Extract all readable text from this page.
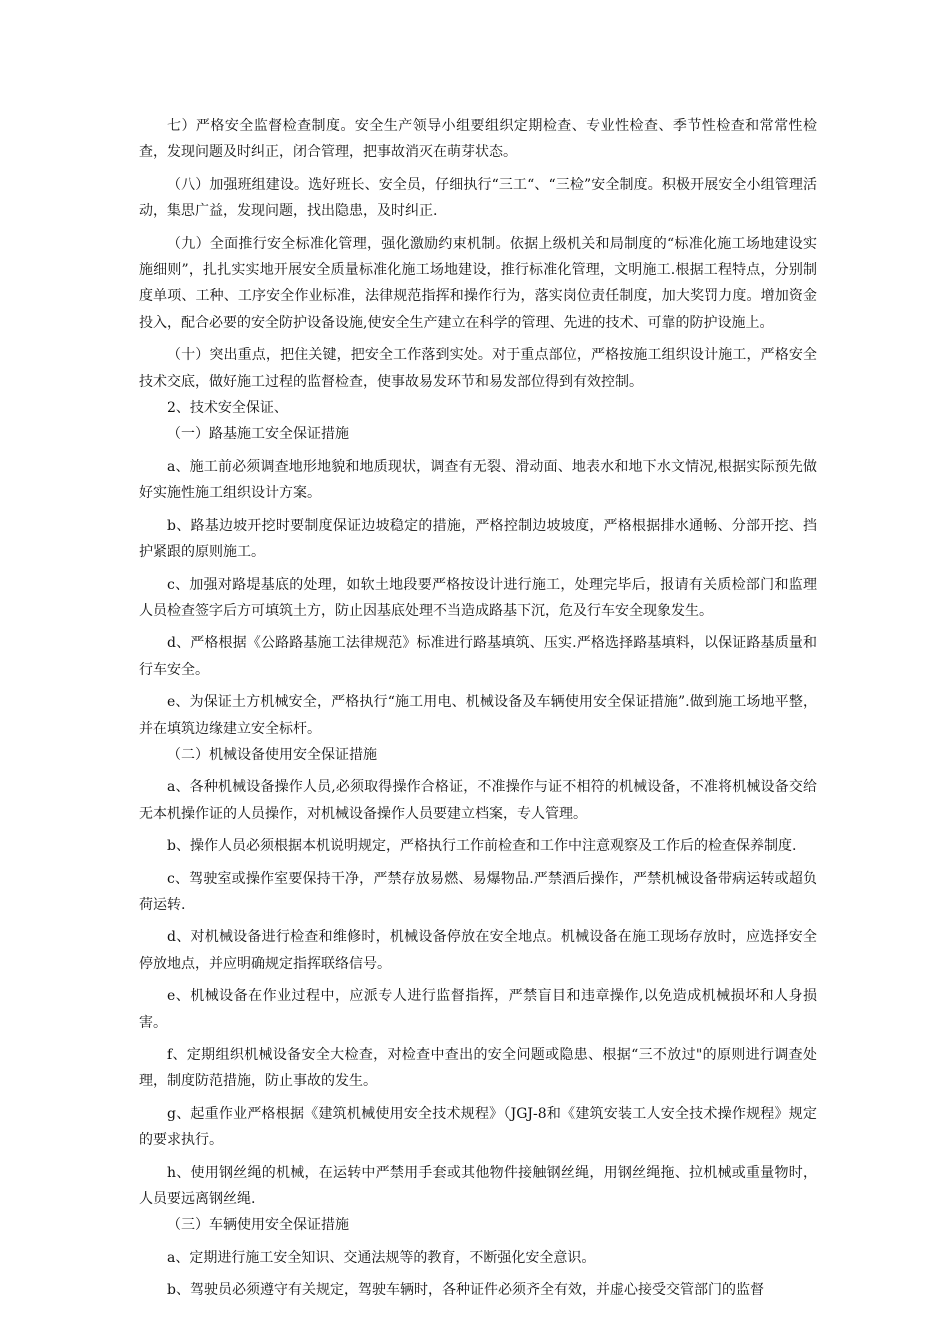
七）严格安全监督检查制度。安全生产领导小组要组织定期检查、专业性检查、季节性检查和常常性检查，发现问题及时纠正，闭合管理，把事故消灭在萌芽状态。

（八）加强班组建设。选好班长、安全员，仔细执行“三工“、“三检”安全制度。积极开展安全小组管理活动，集思广益，发现问题，找出隐患，及时纠正.

（九）全面推行安全标准化管理，强化激励约束机制。依据上级机关和局制度的“标准化施工场地建设实施细则”，扎扎实实地开展安全质量标准化施工场地建设，推行标准化管理，文明施工.根据工程特点，分别制度单项、工种、工序安全作业标准，法律规范指挥和操作行为，落实岗位责任制度，加大奖罚力度。增加资金投入，配合必要的安全防护设备设施,使安全生产建立在科学的管理、先进的技术、可靠的防护设施上。

（十）突出重点，把住关键，把安全工作落到实处。对于重点部位，严格按施工组织设计施工，严格安全技术交底，做好施工过程的监督检查，使事故易发环节和易发部位得到有效控制。

2、技术安全保证、

（一）路基施工安全保证措施

a、施工前必须调查地形地貌和地质现状，调查有无裂、滑动面、地表水和地下水文情况,根据实际预先做好实施性施工组织设计方案。

b、路基边坡开挖时要制度保证边坡稳定的措施，严格控制边坡坡度，严格根据排水通畅、分部开挖、挡护紧跟的原则施工。

c、加强对路堤基底的处理，如软土地段要严格按设计进行施工，处理完毕后，报请有关质检部门和监理人员检查签字后方可填筑土方，防止因基底处理不当造成路基下沉，危及行车安全现象发生。

d、严格根据《公路路基施工法律规范》标准进行路基填筑、压实.严格选择路基填料，以保证路基质量和行车安全。

e、为保证土方机械安全，严格执行“施工用电、机械设备及车辆使用安全保证措施”.做到施工场地平整，并在填筑边缘建立安全标杆。

（二）机械设备使用安全保证措施

a、各种机械设备操作人员,必须取得操作合格证，不准操作与证不相符的机械设备，不准将机械设备交给无本机操作证的人员操作，对机械设备操作人员要建立档案，专人管理。

b、操作人员必须根据本机说明规定，严格执行工作前检查和工作中注意观察及工作后的检查保养制度.

c、驾驶室或操作室要保持干净，严禁存放易燃、易爆物品.严禁酒后操作，严禁机械设备带病运转或超负荷运转.

d、对机械设备进行检查和维修时，机械设备停放在安全地点。机械设备在施工现场存放时，应选择安全停放地点，并应明确规定指挥联络信号。

e、机械设备在作业过程中，应派专人进行监督指挥，严禁盲目和违章操作,以免造成机械损坏和人身损害。

f、定期组织机械设备安全大检查，对检查中查出的安全问题或隐患、根据“三不放过"的原则进行调查处理，制度防范措施，防止事故的发生。

g、起重作业严格根据《建筑机械使用安全技术规程》（JGJ-8和《建筑安装工人安全技术操作规程》规定的要求执行。

h、使用钢丝绳的机械，在运转中严禁用手套或其他物件接触钢丝绳，用钢丝绳拖、拉机械或重量物时，人员要远离钢丝绳.

（三）车辆使用安全保证措施

a、定期进行施工安全知识、交通法规等的教育，不断强化安全意识。

b、驾驶员必须遵守有关规定，驾驶车辆时，各种证件必须齐全有效，并虚心接受交管部门的监督
